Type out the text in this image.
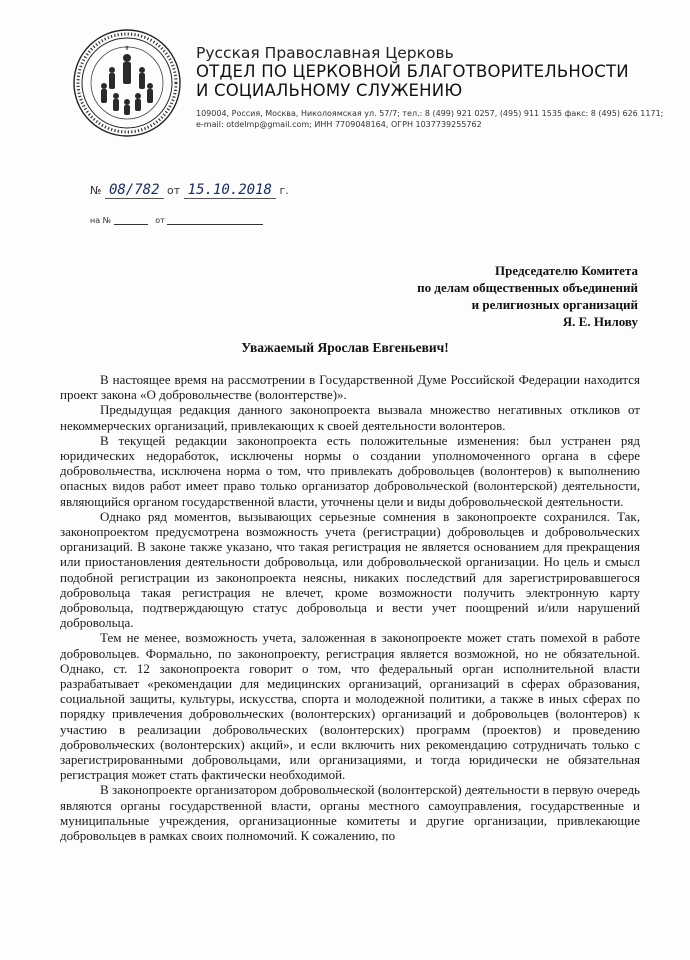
Русская Православная Церковь
ОТДЕЛ ПО ЦЕРКОВНОЙ БЛАГОТВОРИТЕЛЬНОСТИ
И СОЦИАЛЬНОМУ СЛУЖЕНИЮ
109004, Россия, Москва, Николоямская ул. 57/7; тел.: 8 (499) 921 0257, (495) 911 1535 факс: 8 (495) 626 1171;
e-mail: otdelmp@gmail.com; ИНН 7709048164, ОГРН 1037739255762
№ 08/782 от 15.10.2018 г.
на №	от
Председателю Комитета
по делам общественных объединений
и религиозных организаций
Я. Е. Нилову
Уважаемый Ярослав Евгеньевич!

В настоящее время на рассмотрении в Государственной Думе Российской Федерации находится проект закона «О добровольчестве (волонтерстве)».

Предыдущая редакция данного законопроекта вызвала множество негативных откликов от некоммерческих организаций, привлекающих к своей деятельности волонтеров.

В текущей редакции законопроекта есть положительные изменения: был устранен ряд юридических недоработок, исключены нормы о создании уполномоченного органа в сфере добровольчества, исключена норма о том, что привлекать добровольцев (волонтеров) к выполнению опасных видов работ имеет право только организатор добровольческой (волонтерской) деятельности, являющийся органом государственной власти, уточнены цели и виды добровольческой деятельности.

Однако ряд моментов, вызывающих серьезные сомнения в законопроекте сохранился. Так, законопроектом предусмотрена возможность учета (регистрации) добровольцев и добровольческих организаций. В законе также указано, что такая регистрация не является основанием для прекращения или приостановления деятельности добровольца, или добровольческой организации. Но цель и смысл подобной регистрации из законопроекта неясны, никаких последствий для зарегистрировавшегося добровольца такая регистрация не влечет, кроме возможности получить электронную карту добровольца, подтверждающую статус добровольца и вести учет поощрений и/или нарушений добровольца.

Тем не менее, возможность учета, заложенная в законопроекте может стать помехой в работе добровольцев. Формально, по законопроекту, регистрация является возможной, но не обязательной. Однако, ст. 12 законопроекта говорит о том, что федеральный орган исполнительной власти разрабатывает «рекомендации для медицинских организаций, организаций в сферах образования, социальной защиты, культуры, искусства, спорта и молодежной политики, а также в иных сферах по порядку привлечения добровольческих (волонтерских) организаций и добровольцев (волонтеров) к участию в реализации добровольческих (волонтерских) программ (проектов) и проведению добровольческих (волонтерских) акций», и если включить них рекомендацию сотрудничать только с зарегистрированными добровольцами, или организациями, и тогда юридически не обязательная регистрация может стать фактически необходимой.

В законопроекте организатором добровольческой (волонтерской) деятельности в первую очередь являются органы государственной власти, органы местного самоуправления, государственные и муниципальные учреждения, организационные комитеты и другие организации, привлекающие добровольцев в рамках своих полномочий. К сожалению, по
